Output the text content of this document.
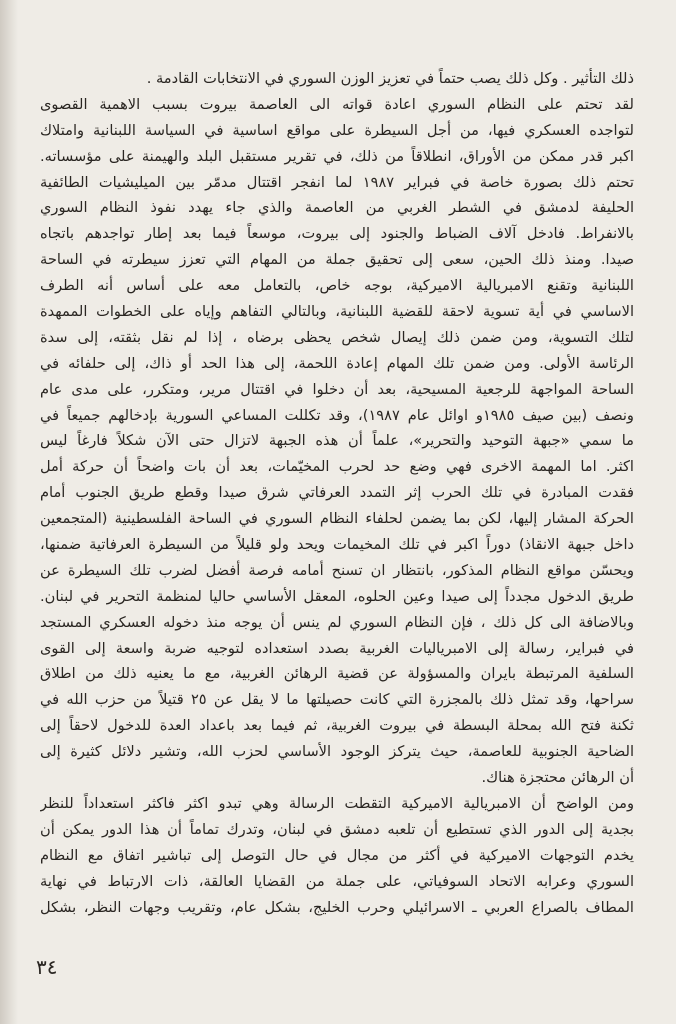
ذلك التأثير . وكل ذلك يصب حتماً في تعزيز الوزن السوري في الانتخابات القادمة .
لقد تحتم على النظام السوري اعادة قواته الى العاصمة بيروت بسبب الاهمية القصوى
لتواجده العسكري فيها، من أجل السيطرة على مواقع اساسية في السياسة اللبنانية وامتلاك
اكبر قدر ممكن من الأوراق، انطلاقاً من ذلك، في تقرير مستقبل البلد والهيمنة على مؤسساته.
تحتم ذلك بصورة خاصة في فبراير ١٩٨٧ لما انفجر اقتتال مدمّر بين الميليشيات الطائفية
الحليفة لدمشق في الشطر الغربي من العاصمة والذي جاء يهدد نفوذ النظام السوري
بالانفراط. فادخل آلاف الضباط والجنود إلى بيروت، موسعاً فيما بعد إطار تواجدهم باتجاه
صيدا. ومنذ ذلك الحين، سعى إلى تحقيق جملة من المهام التي تعزز سيطرته في الساحة
اللبنانية وتقنع الامبريالية الاميركية، بوجه خاص، بالتعامل معه على أساس أنه الطرف
الاساسي في أية تسوية لاحقة للقضية اللبنانية، وبالتالي التفاهم وإياه على الخطوات الممهدة
لتلك التسوية، ومن ضمن ذلك إيصال شخص يحظى برضاه ، إذا لم نقل بثقته، إلى سدة
الرئاسة الأولى. ومن ضمن تلك المهام إعادة اللحمة، إلى هذا الحد أو ذاك، إلى حلفائه في
الساحة المواجهة للرجعية المسيحية، بعد أن دخلوا في اقتتال مرير، ومتكرر، على مدى عام
ونصف (بين صيف ١٩٨٥و اوائل عام ١٩٨٧)، وقد تكللت المساعي السورية بإدخالهم جميعاً في
ما سمي «جبهة التوحيد والتحرير»، علماً أن هذه الجبهة لاتزال حتى الآن شكلاً فارغاً ليس
اكثر. اما المهمة الاخرى فهي وضع حد لحرب المخيّمات، بعد أن بات واضحاً أن حركة أمل
فقدت المبادرة في تلك الحرب إثر التمدد العرفاتي شرق صيدا وقطع طريق الجنوب أمام
الحركة المشار إليها، لكن بما يضمن لحلفاء النظام السوري في الساحة الفلسطينية (المتجمعين
داخل جبهة الانقاذ) دوراً اكبر في تلك المخيمات ويحد ولو قليلاً من السيطرة العرفاتية ضمنها،
ويحسّن مواقع النظام المذكور، بانتظار ان تسنح أمامه فرصة أفضل لضرب تلك السيطرة عن
طريق الدخول مجدداً إلى صيدا وعين الحلوه، المعقل الأساسي حاليا لمنظمة التحرير في لبنان.
وبالاضافة الى كل ذلك ، فإن النظام السوري لم ينس أن يوجه منذ دخوله العسكري المستجد
في فبراير، رسالة إلى الامبرياليات الغربية بصدد استعداده لتوجيه ضربة واسعة إلى القوى
السلفية المرتبطة بايران والمسؤولة عن قضية الرهائن الغربية، مع ما يعنيه ذلك من اطلاق
سراحها، وقد تمثل ذلك بالمجزرة التي كانت حصيلتها ما لا يقل عن ٢٥ قتيلاً من حزب الله في
ثكنة فتح الله بمحلة البسطة في بيروت الغربية، ثم فيما بعد باعداد العدة للدخول لاحقاً إلى
الضاحية الجنوبية للعاصمة، حيث يتركز الوجود الأساسي لحزب الله، وتشير دلائل كثيرة إلى
أن الرهائن محتجزة هناك.
ومن الواضح أن الامبريالية الاميركية التقطت الرسالة وهي تبدو اكثر فاكثر استعداداً للنظر
بجدية إلى الدور الذي تستطيع أن تلعبه دمشق في لبنان، وتدرك تماماً أن هذا الدور يمكن أن
يخدم التوجهات الاميركية في أكثر من مجال في حال التوصل إلى تباشير اتفاق مع النظام
السوري وعرابه الاتحاد السوفياتي، على جملة من القضايا العالقة، ذات الارتباط في نهاية
المطاف بالصراع العربي ـ الاسرائيلي وحرب الخليج، بشكل عام، وتقريب وجهات النظر، بشكل
٣٤
